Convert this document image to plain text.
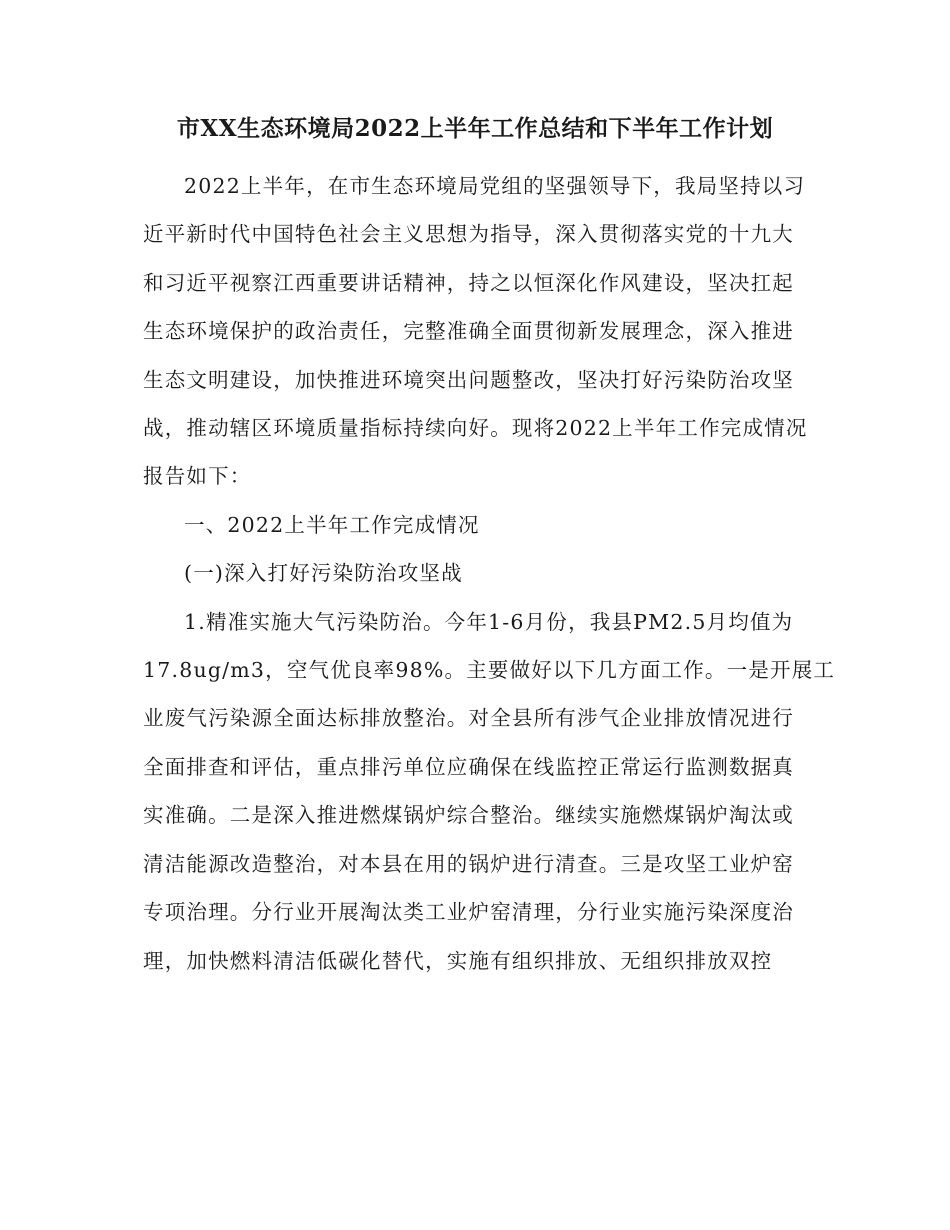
市XX生态环境局2022上半年工作总结和下半年工作计划
2022上半年，在市生态环境局党组的坚强领导下，我局坚持以习
近平新时代中国特色社会主义思想为指导，深入贯彻落实党的十九大
和习近平视察江西重要讲话精神，持之以恒深化作风建设，坚决扛起
生态环境保护的政治责任，完整准确全面贯彻新发展理念，深入推进
生态文明建设，加快推进环境突出问题整改，坚决打好污染防治攻坚
战，推动辖区环境质量指标持续向好。现将2022上半年工作完成情况
报告如下：
一、2022上半年工作完成情况
(一)深入打好污染防治攻坚战
1.精准实施大气污染防治。今年1-6月份，我县PM2.5月均值为
17.8ug/m3，空气优良率98%。主要做好以下几方面工作。一是开展工
业废气污染源全面达标排放整治。对全县所有涉气企业排放情况进行
全面排查和评估，重点排污单位应确保在线监控正常运行监测数据真
实准确。二是深入推进燃煤锅炉综合整治。继续实施燃煤锅炉淘汰或
清洁能源改造整治，对本县在用的锅炉进行清查。三是攻坚工业炉窑
专项治理。分行业开展淘汰类工业炉窑清理，分行业实施污染深度治
理，加快燃料清洁低碳化替代，实施有组织排放、无组织排放双控
